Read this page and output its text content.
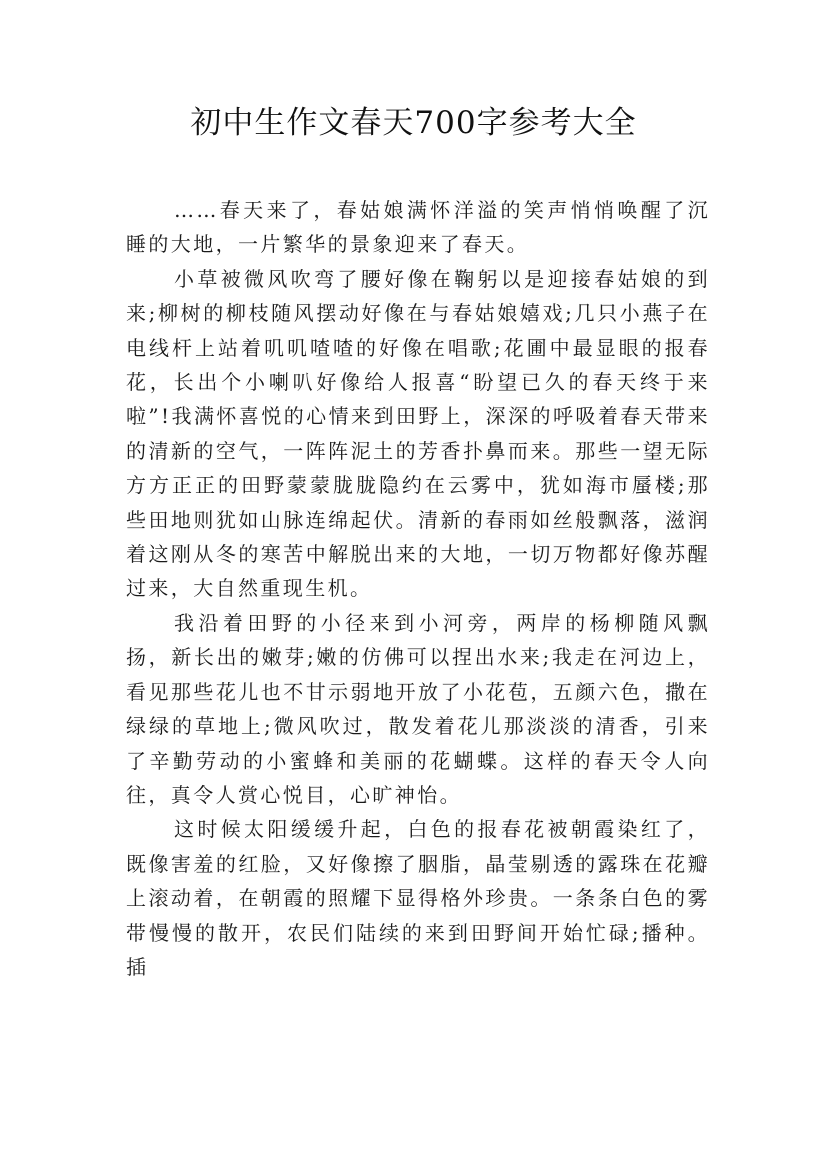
初中生作文春天700字参考大全

……春天来了，春姑娘满怀洋溢的笑声悄悄唤醒了沉睡的大地，一片繁华的景象迎来了春天。

小草被微风吹弯了腰好像在鞠躬以是迎接春姑娘的到来;柳树的柳枝随风摆动好像在与春姑娘嬉戏;几只小燕子在电线杆上站着叽叽喳喳的好像在唱歌;花圃中最显眼的报春花，长出个小喇叭好像给人报喜“盼望已久的春天终于来啦”!我满怀喜悦的心情来到田野上，深深的呼吸着春天带来的清新的空气，一阵阵泥土的芳香扑鼻而来。那些一望无际方方正正的田野蒙蒙胧胧隐约在云雾中，犹如海市蜃楼;那些田地则犹如山脉连绵起伏。清新的春雨如丝般飘落，滋润着这刚从冬的寒苦中解脱出来的大地，一切万物都好像苏醒过来，大自然重现生机。

我沿着田野的小径来到小河旁，两岸的杨柳随风飘扬，新长出的嫩芽;嫩的仿佛可以捏出水来;我走在河边上，看见那些花儿也不甘示弱地开放了小花苞，五颜六色，撒在绿绿的草地上;微风吹过，散发着花儿那淡淡的清香，引来了辛勤劳动的小蜜蜂和美丽的花蝴蝶。这样的春天令人向往，真令人赏心悦目，心旷神怡。

这时候太阳缓缓升起，白色的报春花被朝霞染红了，既像害羞的红脸，又好像擦了胭脂，晶莹剔透的露珠在花瓣上滚动着，在朝霞的照耀下显得格外珍贵。一条条白色的雾带慢慢的散开，农民们陆续的来到田野间开始忙碌;播种。插
